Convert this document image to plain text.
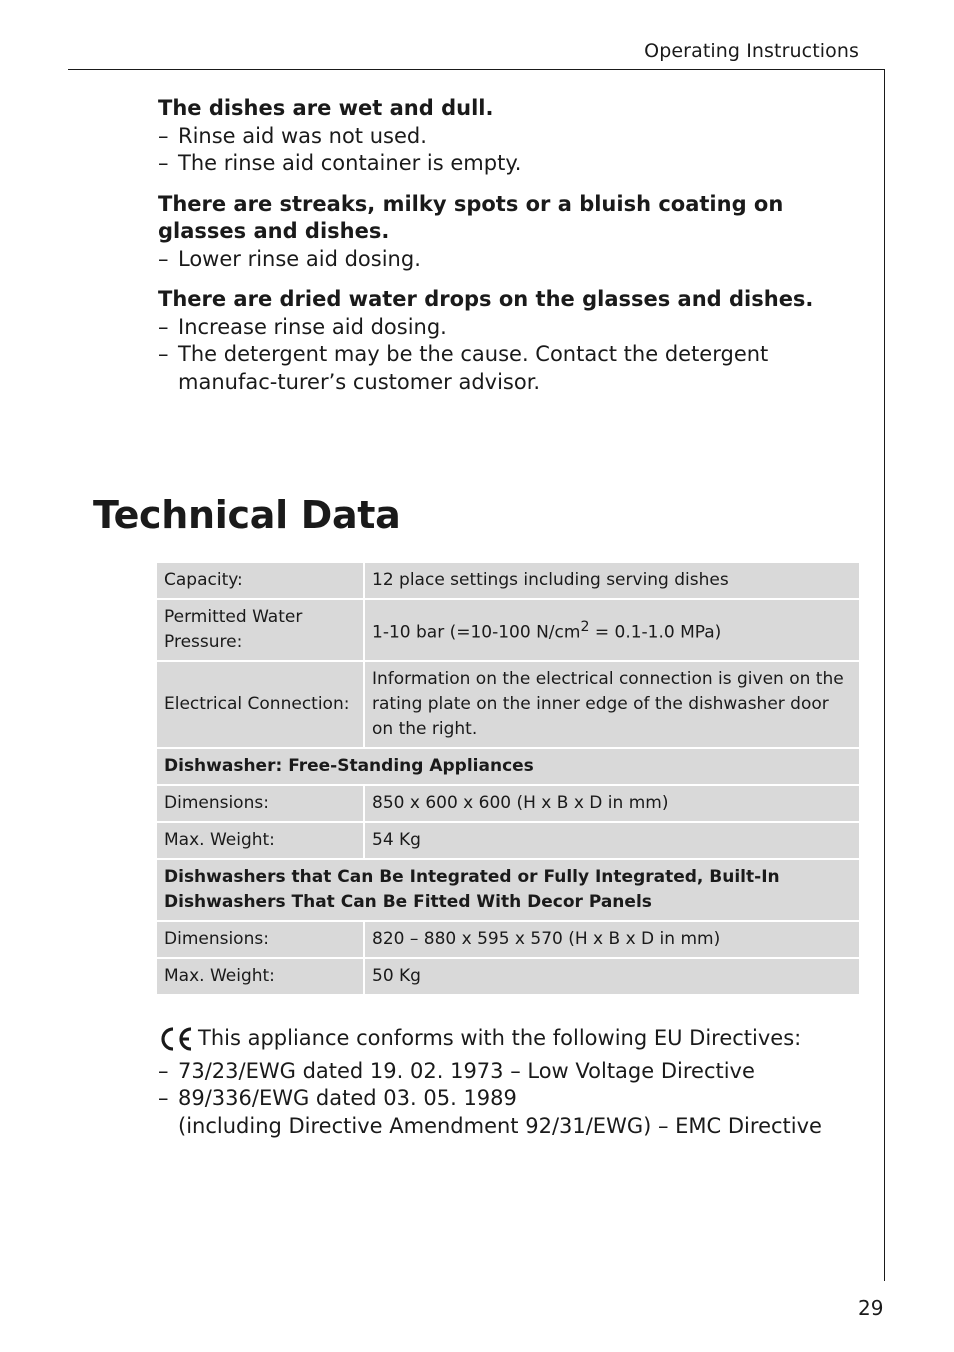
Operating Instructions
The dishes are wet and dull.
– Rinse aid was not used.
– The rinse aid container is empty.
There are streaks, milky spots or a bluish coating on glasses and dishes.
– Lower rinse aid dosing.
There are dried water drops on the glasses and dishes.
– Increase rinse aid dosing.
– The detergent may be the cause. Contact the detergent manufac-turer’s customer advisor.
Technical Data
Capacity:	12 place settings including serving dishes
Permitted Water Pressure:	1-10 bar (=10-100 $N/cm^2 = 0.1-1.0$ MPa)
Electrical Connection:	Information on the electrical connection is given on the rating plate on the inner edge of the dishwasher door on the right.
Dishwasher: Free-Standing Appliances	
Dimensions:	850 x 600 x 600 (H x B x D in mm)
Max. Weight:	54 Kg
Dishwashers that Can Be Integrated or Fully Integrated, Built-In Dishwashers That Can Be Fitted With Decor Panels	
Dimensions:	820 – 880 x 595 x 570 (H x B x D in mm)
Max. Weight:	50 Kg
This appliance conforms with the following EU Directives:
– 73/23/EWG dated 19. 02. 1973 – Low Voltage Directive
– 89/336/EWG dated 03. 05. 1989
(including Directive Amendment 92/31/EWG) – EMC Directive
29
